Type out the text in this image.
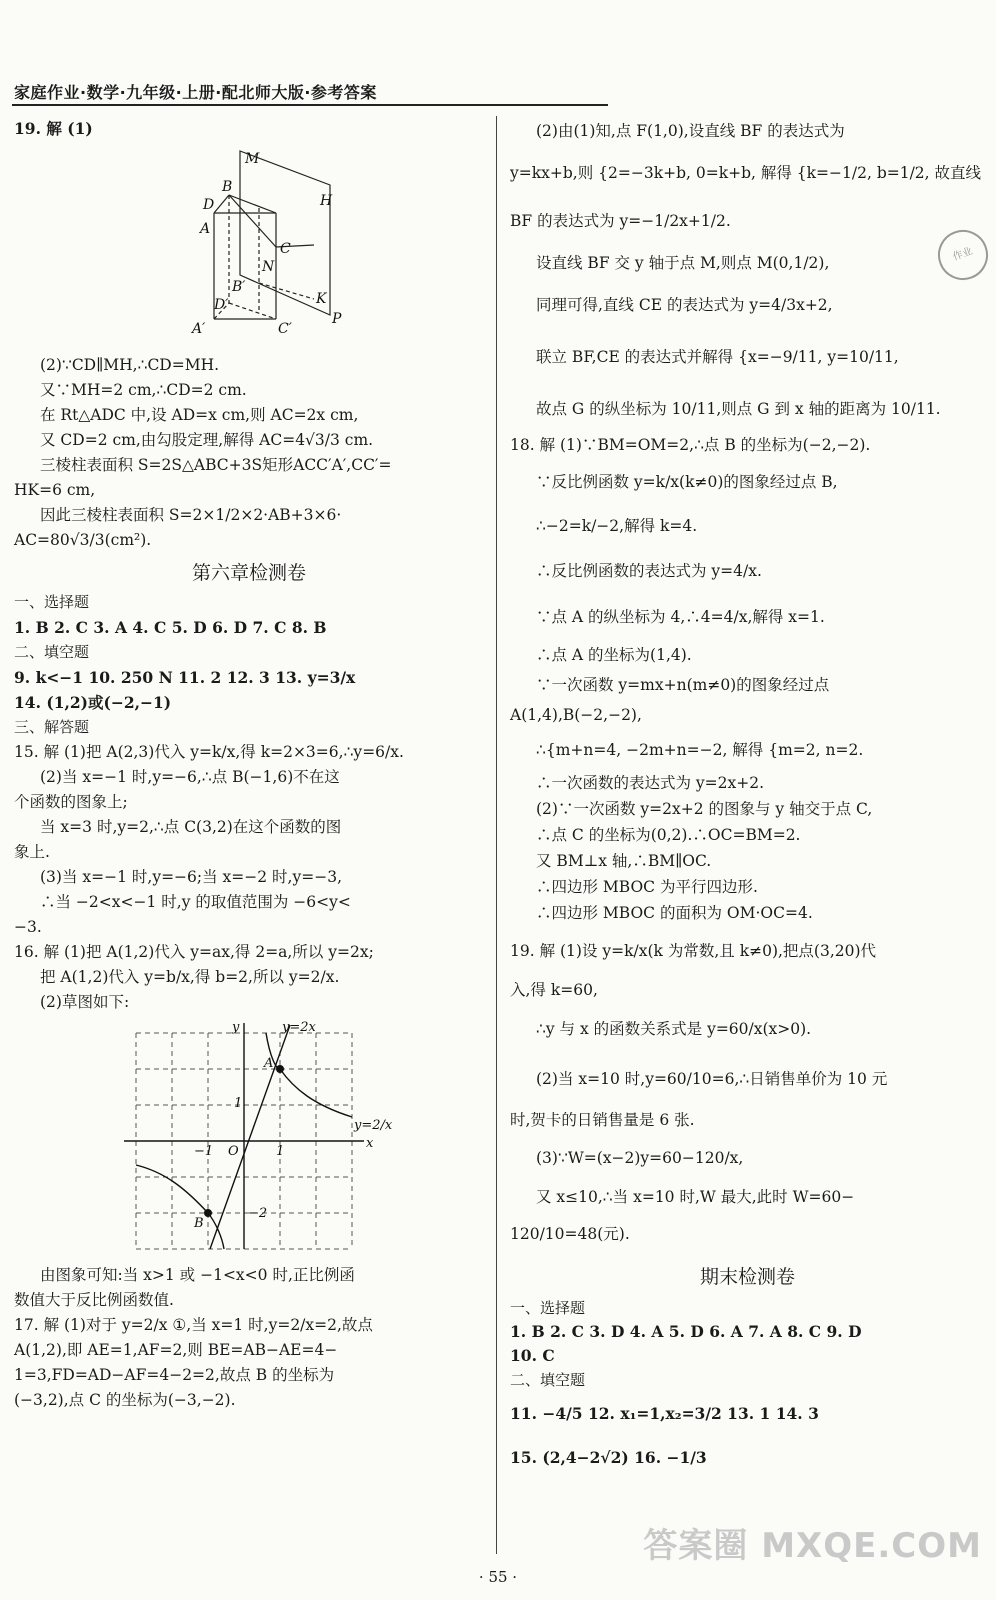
家庭作业·数学·九年级·上册·配北师大版·参考答案
作业
19. 解 (1)
M
B
D	H
A
C
N
B′
D′	K
A′	C′
P
(2)∵CD∥MH,∴CD=MH.
又∵MH=2 cm,∴CD=2 cm.
在 Rt△ADC 中,设 AD=x cm,则 AC=2x cm,
又 CD=2 cm,由勾股定理,解得 AC=4√3/3 cm.
三棱柱表面积 S=2S△ABC+3S矩形ACC′A′,CC′=
HK=6 cm,
因此三棱柱表面积 S=2×1/2×2·AB+3×6·
AC=80√3/3(cm²).
第六章检测卷
一、选择题
1. B 2. C 3. A 4. C 5. D 6. D 7. C 8. B
二、填空题
9. k<−1 10. 250 N 11. 2 12. 3 13. y=3/x
14. (1,2)或(−2,−1)
三、解答题
15. 解 (1)把 A(2,3)代入 y=k/x,得 k=2×3=6,∴y=6/x.
(2)当 x=−1 时,y=−6,∴点 B(−1,6)不在这
个函数的图象上;
当 x=3 时,y=2,∴点 C(3,2)在这个函数的图
象上.
(3)当 x=−1 时,y=−6;当 x=−2 时,y=−3,
∴当 −2<x<−1 时,y 的取值范围为 −6<y<
−3.
16. 解 (1)把 A(1,2)代入 y=ax,得 2=a,所以 y=2x;
把 A(1,2)代入 y=b/x,得 b=2,所以 y=2/x.
(2)草图如下:
y	y=2x
y=2/x
x
A
B
O
1
−1
−2
1
由图象可知:当 x>1 或 −1<x<0 时,正比例函
数值大于反比例函数值.
17. 解 (1)对于 y=2/x ①,当 x=1 时,y=2/x=2,故点
A(1,2),即 AE=1,AF=2,则 BE=AB−AE=4−
1=3,FD=AD−AF=4−2=2,故点 B 的坐标为
(−3,2),点 C 的坐标为(−3,−2).
(2)由(1)知,点 F(1,0),设直线 BF 的表达式为
y=kx+b,则 {2=−3k+b, 0=k+b, 解得 {k=−1/2, b=1/2, 故直线
BF 的表达式为 y=−1/2x+1/2.
设直线 BF 交 y 轴于点 M,则点 M(0,1/2),
同理可得,直线 CE 的表达式为 y=4/3x+2,
联立 BF,CE 的表达式并解得 {x=−9/11, y=10/11,
故点 G 的纵坐标为 10/11,则点 G 到 x 轴的距离为 10/11.
18. 解 (1)∵BM=OM=2,∴点 B 的坐标为(−2,−2).
∵反比例函数 y=k/x(k≠0)的图象经过点 B,
∴−2=k/−2,解得 k=4.
∴反比例函数的表达式为 y=4/x.
∵点 A 的纵坐标为 4,∴4=4/x,解得 x=1.
∴点 A 的坐标为(1,4).
∵一次函数 y=mx+n(m≠0)的图象经过点
A(1,4),B(−2,−2),
∴{m+n=4, −2m+n=−2, 解得 {m=2, n=2.
∴一次函数的表达式为 y=2x+2.
(2)∵一次函数 y=2x+2 的图象与 y 轴交于点 C,
∴点 C 的坐标为(0,2).∴OC=BM=2.
又 BM⊥x 轴,∴BM∥OC.
∴四边形 MBOC 为平行四边形.
∴四边形 MBOC 的面积为 OM·OC=4.
19. 解 (1)设 y=k/x(k 为常数,且 k≠0),把点(3,20)代
入,得 k=60,
∴y 与 x 的函数关系式是 y=60/x(x>0).
(2)当 x=10 时,y=60/10=6,∴日销售单价为 10 元
时,贺卡的日销售量是 6 张.
(3)∵W=(x−2)y=60−120/x,
又 x≤10,∴当 x=10 时,W 最大,此时 W=60−
120/10=48(元).
期末检测卷
一、选择题
1. B 2. C 3. D 4. A 5. D 6. A 7. A 8. C 9. D
10. C
二、填空题
11. −4/5 12. x₁=1,x₂=3/2 13. 1 14. 3
15. (2,4−2√2) 16. −1/3
答案圈 MXQE.COM
· 55 ·
